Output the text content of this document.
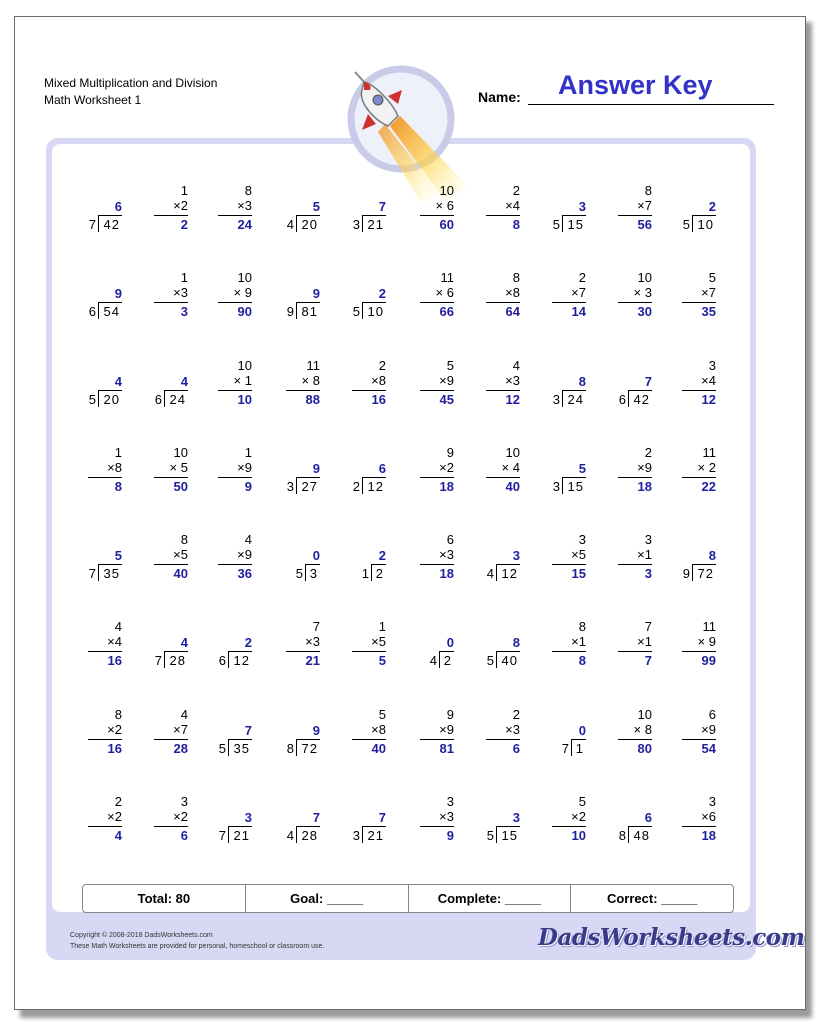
Mixed Multiplication and Division
Math Worksheet 1	Answer Key
Name:
6
42
7
1
×2
2
8
×3
24
5
20
4
7
21
3
10
× 6
60
2
×4
8
3
15
5
8
×7
56
2
10
5
9
54
6
1
×3
3
10
× 9
90
9
81
9
2
10
5
11
× 6
66
8
×8
64
2
×7
14
10
× 3
30
5
×7
35
4
20
5
4
24
6
10
× 1
10
11
× 8
88
2
×8
16
5
×9
45
4
×3
12
8
24
3
7
42
6
3
×4
12
1
×8
8
10
× 5
50
1
×9
9
9
27
3
6
12
2
9
×2
18
10
× 4
40
5
15
3
2
×9
18
11
× 2
22
5
35
7
8
×5
40
4
×9
36
0
3
5
2
2
1
6
×3
18
3
12
4
3
×5
15
3
×1
3
8
72
9
4
×4
16
4
28
7
2
12
6
7
×3
21
1
×5
5
0
2
4
8
40
5
8
×1
8
7
×1
7
11
× 9
99
8
×2
16
4
×7
28
7
35
5
9
72
8
5
×8
40
9
×9
81
2
×3
6
0
1
7
10
× 8
80
6
×9
54
2
×2
4
3
×2
6
3
21
7
7
28
4
7
21
3
3
×3
9
3
15
5
5
×2
10
6
48
8
3
×6
18
Total: 80	Goal: _____	Complete: _____	Correct: _____
Copyright © 2008-2018 DadsWorksheets.com
These Math Worksheets are provided for personal, homeschool or classroom use.	DadsWorksheets.com
